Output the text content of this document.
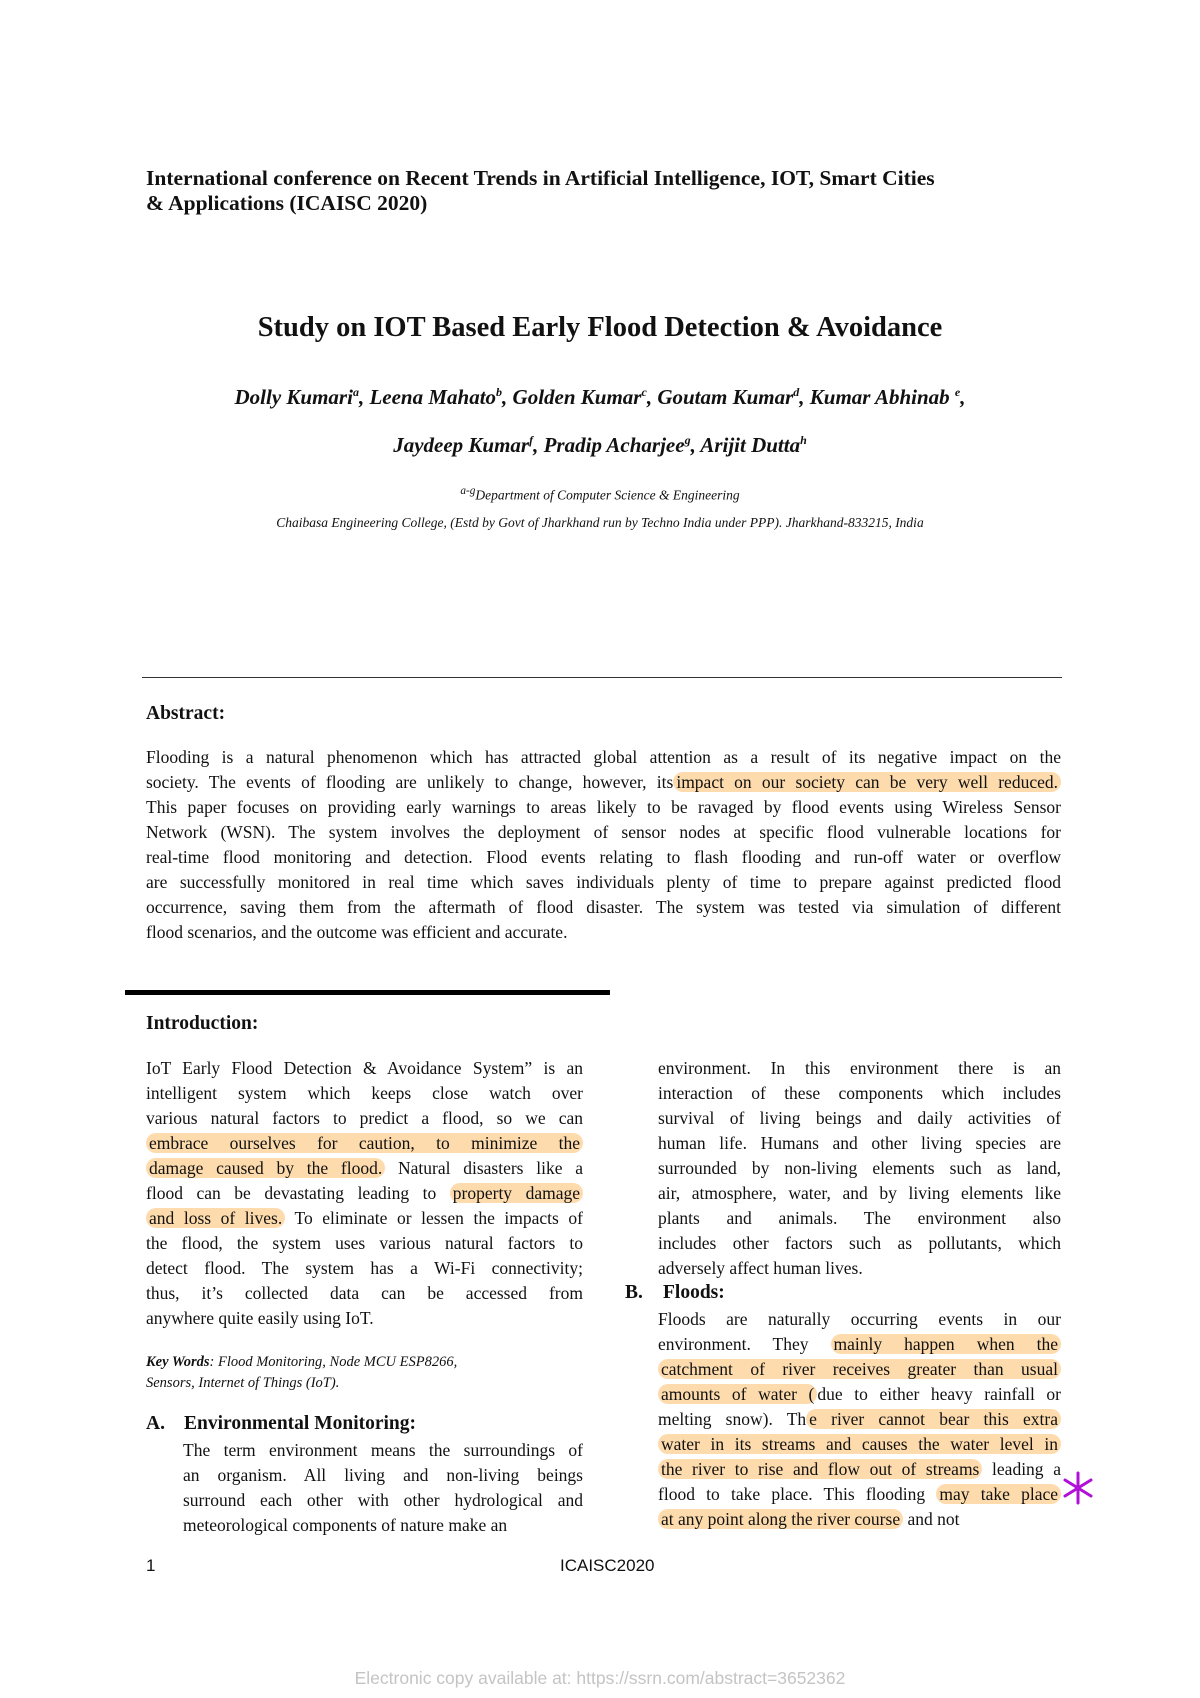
International conference on Recent Trends in Artificial Intelligence, IOT, Smart Cities
& Applications (ICAISC 2020)
Study on IOT Based Early Flood Detection & Avoidance
Dolly Kumari$^a$, Leena Mahato$^b$, Golden Kumar$^c$, Goutam Kumar$^d$, Kumar Abhinab $^e$,
Jaydeep Kumar$^f$, Pradip Acharjee$^g$, Arijit Dutta$^h$
$^{a-g}$Department of Computer Science & Engineering
Chaibasa Engineering College, (Estd by Govt of Jharkhand run by Techno India under PPP). Jharkhand-833215, India
Abstract:
Flooding is a natural phenomenon which has attracted global attention as a result of its negative impact on the
society. The events of flooding are unlikely to change, however, its impact on our society can be very well reduced.
This paper focuses on providing early warnings to areas likely to be ravaged by flood events using Wireless Sensor
Network (WSN). The system involves the deployment of sensor nodes at specific flood vulnerable locations for
real-time flood monitoring and detection. Flood events relating to flash flooding and run-off water or overflow
are successfully monitored in real time which saves individuals plenty of time to prepare against predicted flood
occurrence, saving them from the aftermath of flood disaster. The system was tested via simulation of different
flood scenarios, and the outcome was efficient and accurate.
Introduction:
IoT Early Flood Detection & Avoidance System” is an
intelligent system which keeps close watch over
various natural factors to predict a flood, so we can
embrace ourselves for caution, to minimize the
damage caused by the flood. Natural disasters like a
flood can be devastating leading to property damage
and loss of lives. To eliminate or lessen the impacts of
the flood, the system uses various natural factors to
detect flood. The system has a Wi-Fi connectivity;
thus, it’s collected data can be accessed from
anywhere quite easily using IoT.
Key Words: Flood Monitoring, Node MCU ESP8266,
Sensors, Internet of Things (IoT).
A. Environmental Monitoring:
The term environment means the surroundings of
an organism. All living and non-living beings
surround each other with other hydrological and
meteorological components of nature make an
environment. In this environment there is an
interaction of these components which includes
survival of living beings and daily activities of
human life. Humans and other living species are
surrounded by non-living elements such as land,
air, atmosphere, water, and by living elements like
plants and animals. The environment also
includes other factors such as pollutants, which
adversely affect human lives.
B. Floods:
Floods are naturally occurring events in our
environment. They mainly happen when the
catchment of river receives greater than usual
amounts of water ( due to either heavy rainfall or
melting snow). Th e river cannot bear this extra
water in its streams and causes the water level in
the river to rise and flow out of streams leading a
flood to take place. This flooding may take place
at any point along the river course and not
1	ICAISC2020
Electronic copy available at: https://ssrn.com/abstract=3652362
